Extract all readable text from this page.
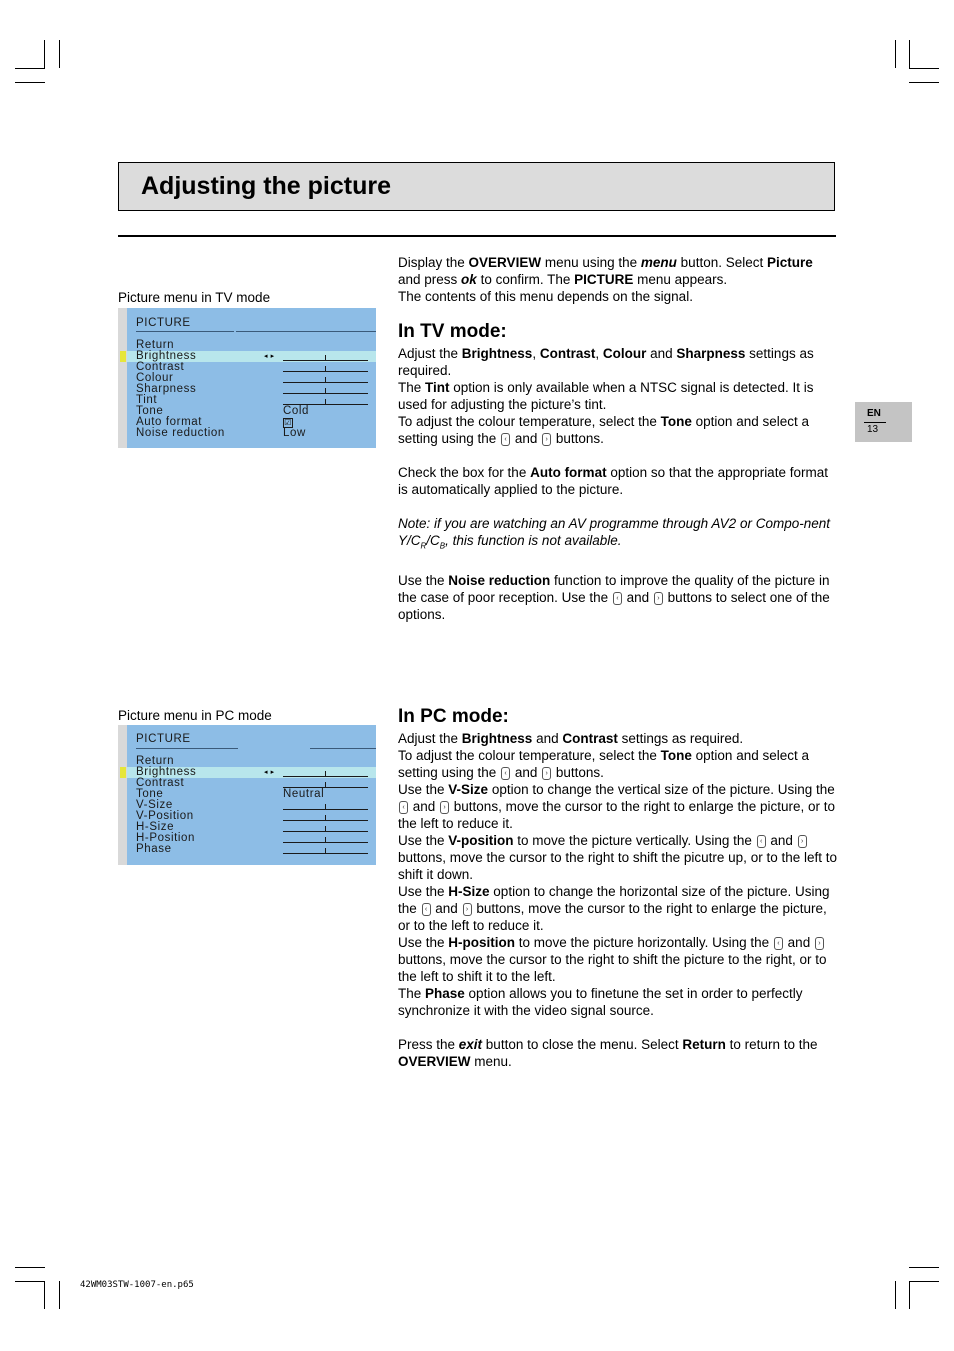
Adjusting the picture
EN
13
Picture menu in TV mode
PICTURE
Return
Brightness
Contrast
Colour
Sharpness
Tint
Tone
Auto format
Noise reduction
◂ ▸
Cold
☑
Low
Picture menu in PC mode
PICTURE
Return
Brightness
Contrast
Tone
V-Size
V-Position
H-Size
H-Position
Phase
◂ ▸
Neutral

Display the OVERVIEW menu using the menu button. Select Picture and press ok to confirm. The PICTURE menu appears.

The contents of this menu depends on the signal.

In TV mode:

Adjust the Brightness, Contrast, Colour and Sharpness settings as required.

The Tint option is only available when a NTSC signal is detected. It is used for adjusting the picture’s tint.

To adjust the colour temperature, select the Tone option and select a setting using the ‹ and › buttons.

Check the box for the Auto format option so that the appropriate format is automatically applied to the picture.

Note: if you are watching an AV programme through AV2 or Compo-nent $Y/C_R/C_B$, this function is not available.

Use the Noise reduction function to improve the quality of the picture in the case of poor reception. Use the ‹ and › buttons to select one of the options.

In PC mode:

Adjust the Brightness and Contrast settings as required.

To adjust the colour temperature, select the Tone option and select a setting using the ‹ and › buttons.

Use the V-Size option to change the vertical size of the picture. Using the ‹ and › buttons, move the cursor to the right to enlarge the picture, or to the left to reduce it.

Use the V-position to move the picture vertically. Using the ‹ and › buttons, move the cursor to the right to shift the picutre up, or to the left to shift it down.

Use the H-Size option to change the horizontal size of the picture. Using the ‹ and › buttons, move the cursor to the right to enlarge the picture, or to the left to reduce it.

Use the H-position to move the picture horizontally. Using the ‹ and › buttons, move the cursor to the right to shift the picture to the right, or to the left to shift it to the left.

The Phase option allows you to finetune the set in order to perfectly synchronize it with the video signal source.

Press the exit button to close the menu. Select Return to return to the OVERVIEW menu.

42WM03STW-1007-en.p65
